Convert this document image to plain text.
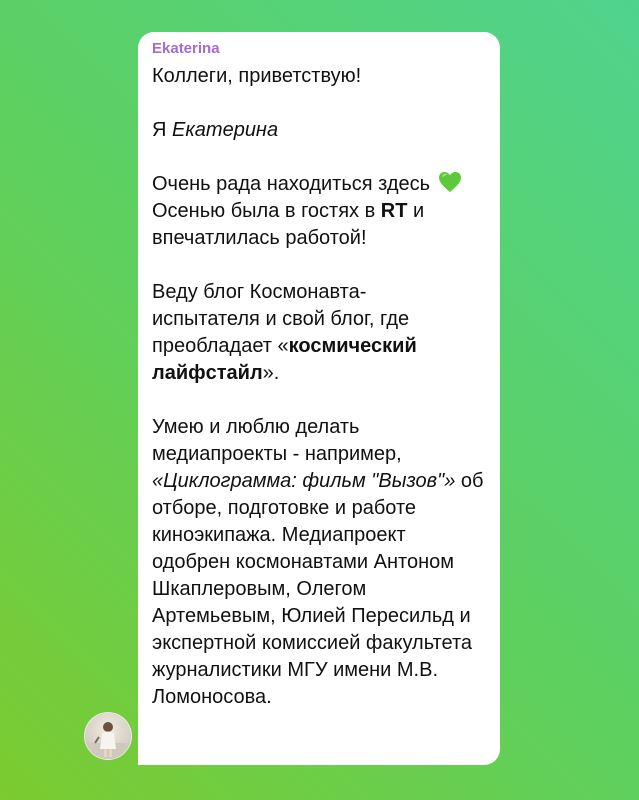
Ekaterina

Коллеги, приветствую!

Я Екатерина

Очень рада находиться здесь
Осенью была в гостях в RT и
впечатлилась работой!

Веду блог Космонавта-
испытателя и свой блог, где
преобладает «космический лайфстайл».

Умею и люблю делать
медиапроекты - например,
«Циклограмма: фильм "Вызов"» об отборе, подготовке и работе киноэкипажа. Медиапроект одобрен космонавтами Антоном Шкаплеровым, Олегом Артемьевым, Юлией Пересильд и экспертной комиссией факультета журналистики МГУ имени М.В. Ломоносова.
